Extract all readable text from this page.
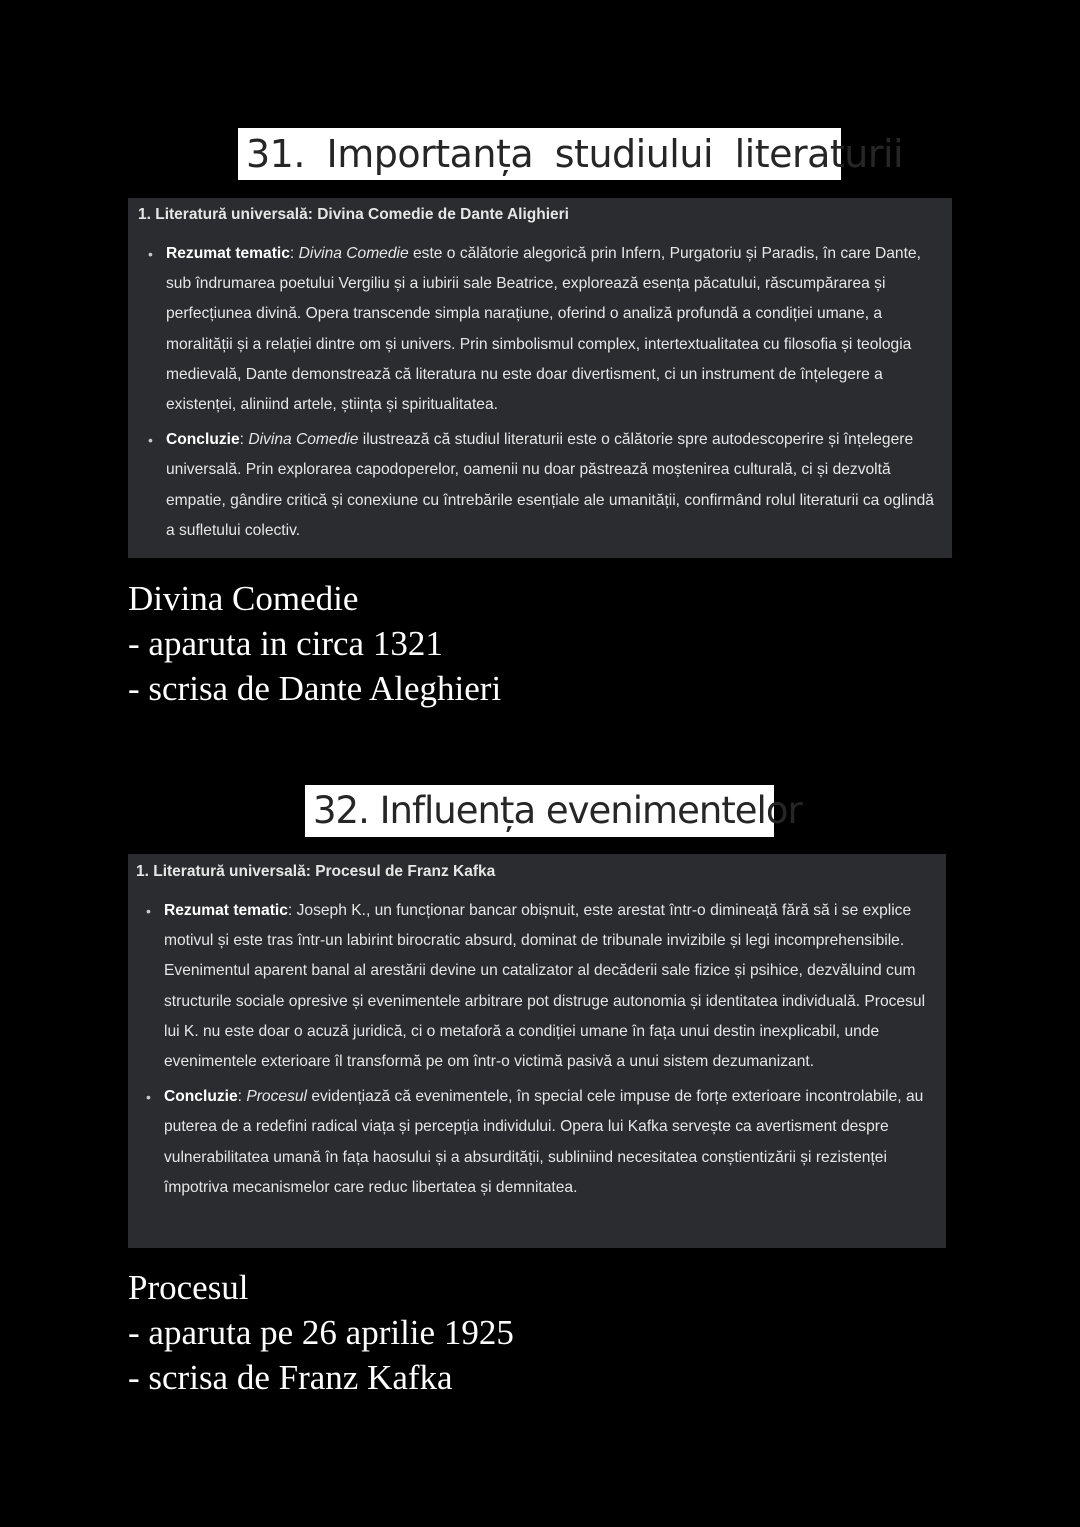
31. Importanța studiului literaturii
1. Literatură universală: Divina Comedie de Dante Alighieri
• Rezumat tematic: Divina Comedie este o călătorie alegorică prin Infern, Purgatoriu și Paradis, în care Dante, sub îndrumarea poetului Vergiliu și a iubirii sale Beatrice, explorează esența păcatului, răscumpărarea și perfecțiunea divină. Opera transcende simpla narațiune, oferind o analiză profundă a condiției umane, a moralității și a relației dintre om și univers. Prin simbolismul complex, intertextualitatea cu filosofia și teologia medievală, Dante demonstrează că literatura nu este doar divertisment, ci un instrument de înțelegere a existenței, aliniind artele, știința și spiritualitatea.
• Concluzie: Divina Comedie ilustrează că studiul literaturii este o călătorie spre autodescoperire și înțelegere universală. Prin explorarea capodoperelor, oamenii nu doar păstrează moștenirea culturală, ci și dezvoltă empatie, gândire critică și conexiune cu întrebările esențiale ale umanității, confirmând rolul literaturii ca oglindă a sufletului colectiv.
Divina Comedie
- aparuta in circa 1321
- scrisa de Dante Aleghieri
32. Influența evenimentelor
1. Literatură universală: Procesul de Franz Kafka
• Rezumat tematic: Joseph K., un funcționar bancar obișnuit, este arestat într-o dimineață fără să i se explice motivul și este tras într-un labirint birocratic absurd, dominat de tribunale invizibile și legi incomprehensibile. Evenimentul aparent banal al arestării devine un catalizator al decăderii sale fizice și psihice, dezvăluind cum structurile sociale opresive și evenimentele arbitrare pot distruge autonomia și identitatea individuală. Procesul lui K. nu este doar o acuză juridică, ci o metaforă a condiției umane în fața unui destin inexplicabil, unde evenimentele exterioare îl transformă pe om într-o victimă pasivă a unui sistem dezumanizant.
• Concluzie: Procesul evidențiază că evenimentele, în special cele impuse de forțe exterioare incontrolabile, au puterea de a redefini radical viața și percepția individului. Opera lui Kafka servește ca avertisment despre vulnerabilitatea umană în fața haosului și a absurdității, subliniind necesitatea conștientizării și rezistenței împotriva mecanismelor care reduc libertatea și demnitatea.
Procesul
- aparuta pe 26 aprilie 1925
- scrisa de Franz Kafka
